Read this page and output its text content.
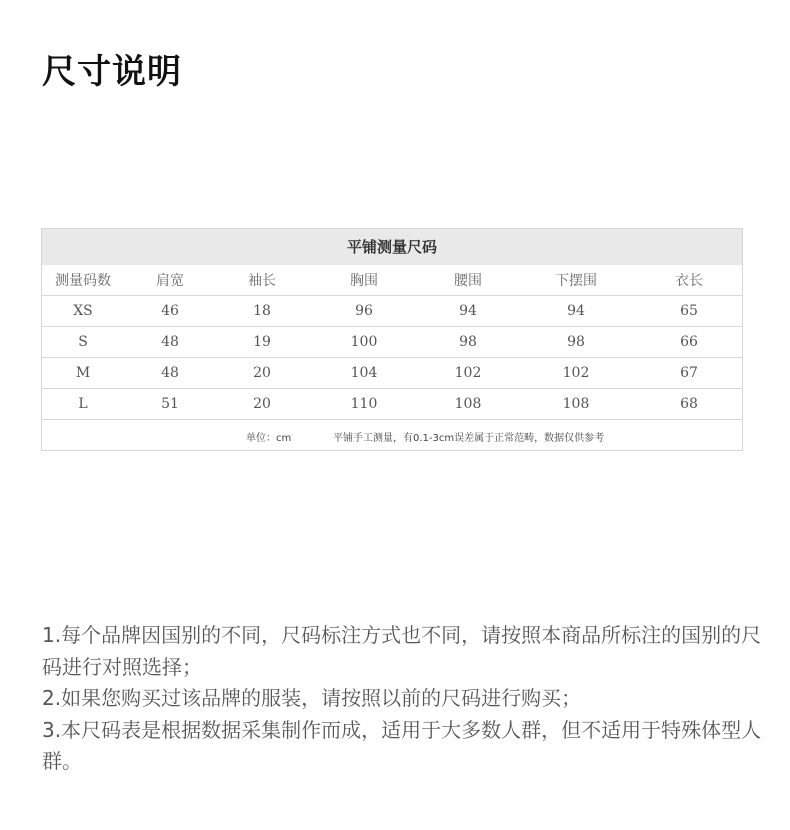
尺寸说明
平铺测量尺码
测量码数	肩宽	袖长	胸围	腰围	下摆围	衣长
XS	46	18	96	94	94	65
S	48	19	100	98	98	66
M	48	20	104	102	102	67
L	51	20	110	108	108	68
单位：cm	平铺手工测量，有0.1-3cm误差属于正常范畴，数据仅供参考

1.每个品牌因国别的不同，尺码标注方式也不同，请按照本商品所标注的国别的尺码进行对照选择；

2.如果您购买过该品牌的服装，请按照以前的尺码进行购买；

3.本尺码表是根据数据采集制作而成，适用于大多数人群，但不适用于特殊体型人群。
